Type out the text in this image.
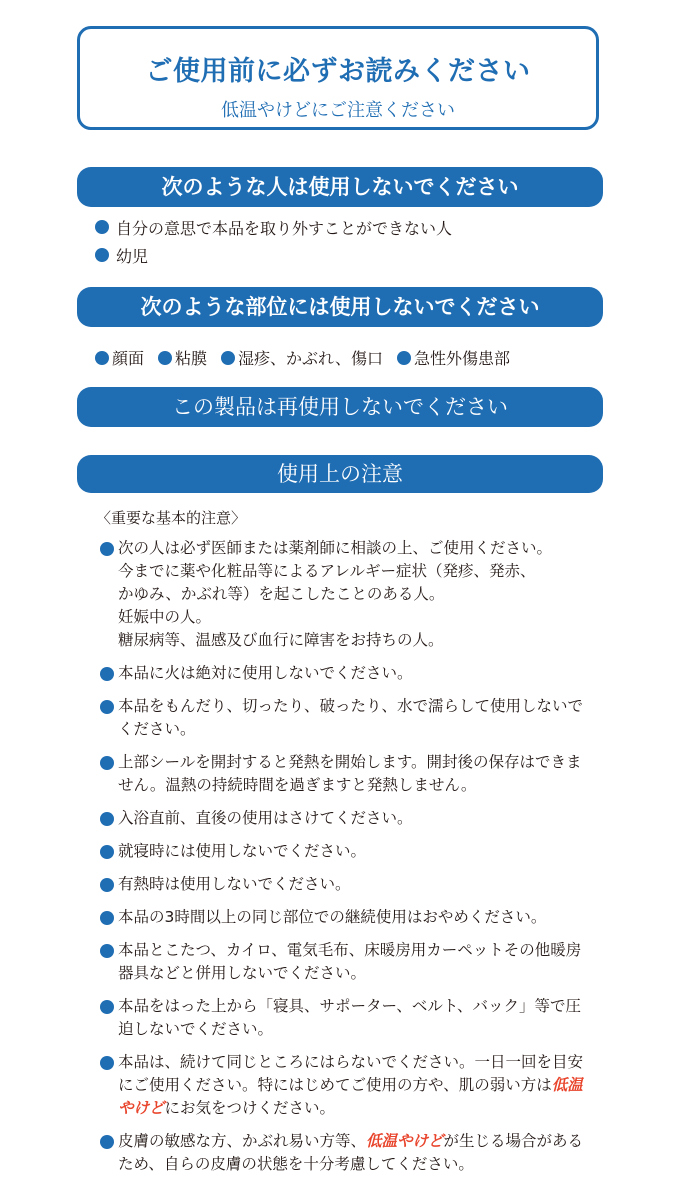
ご使用前に必ずお読みください
低温やけどにご注意ください
次のような人は使用しないでください
自分の意思で本品を取り外すことができない人
幼児
次のような部位には使用しないでください
顔面 粘膜 湿疹、かぶれ、傷口 急性外傷患部
この製品は再使用しないでください
使用上の注意
〈重要な基本的注意〉
次の人は必ず医師または薬剤師に相談の上、ご使用ください。
今までに薬や化粧品等によるアレルギー症状（発疹、発赤、
かゆみ、かぶれ等）を起こしたことのある人。
妊娠中の人。
糖尿病等、温感及び血行に障害をお持ちの人。
本品に火は絶対に使用しないでください。
本品をもんだり、切ったり、破ったり、水で濡らして使用しないでください。
上部シールを開封すると発熱を開始します。開封後の保存はできません。温熱の持続時間を過ぎますと発熱しません。
入浴直前、直後の使用はさけてください。
就寝時には使用しないでください。
有熱時は使用しないでください。
本品の3時間以上の同じ部位での継続使用はおやめください。
本品とこたつ、カイロ、電気毛布、床暖房用カーペットその他暖房器具などと併用しないでください。
本品をはった上から「寝具、サポーター、ベルト、バック」等で圧迫しないでください。
本品は、続けて同じところにはらないでください。一日一回を目安にご使用ください。特にはじめてご使用の方や、肌の弱い方は低温やけどにお気をつけください。
皮膚の敏感な方、かぶれ易い方等、低温やけどが生じる場合があるため、自らの皮膚の状態を十分考慮してください。
